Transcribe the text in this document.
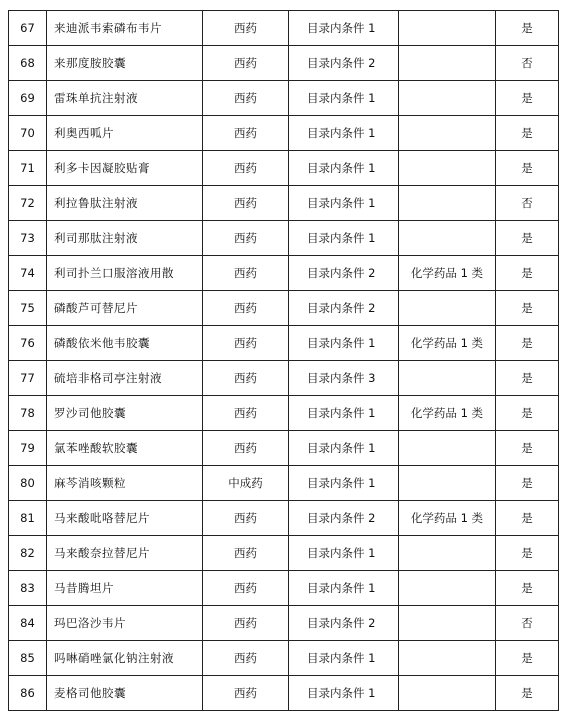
67	来迪派韦索磷布韦片	西药	目录内条件 1		是
68	来那度胺胶囊	西药	目录内条件 2		否
69	雷珠单抗注射液	西药	目录内条件 1		是
70	利奥西呱片	西药	目录内条件 1		是
71	利多卡因凝胶贴膏	西药	目录内条件 1		是
72	利拉鲁肽注射液	西药	目录内条件 1		否
73	利司那肽注射液	西药	目录内条件 1		是
74	利司扑兰口服溶液用散	西药	目录内条件 2	化学药品 1 类	是
75	磷酸芦可替尼片	西药	目录内条件 2		是
76	磷酸依米他韦胶囊	西药	目录内条件 1	化学药品 1 类	是
77	硫培非格司亭注射液	西药	目录内条件 3		是
78	罗沙司他胶囊	西药	目录内条件 1	化学药品 1 类	是
79	氯苯唑酸软胶囊	西药	目录内条件 1		是
80	麻芩消咳颗粒	中成药	目录内条件 1		是
81	马来酸吡咯替尼片	西药	目录内条件 2	化学药品 1 类	是
82	马来酸奈拉替尼片	西药	目录内条件 1		是
83	马昔腾坦片	西药	目录内条件 1		是
84	玛巴洛沙韦片	西药	目录内条件 2		否
85	吗啉硝唑氯化钠注射液	西药	目录内条件 1		是
86	麦格司他胶囊	西药	目录内条件 1		是
